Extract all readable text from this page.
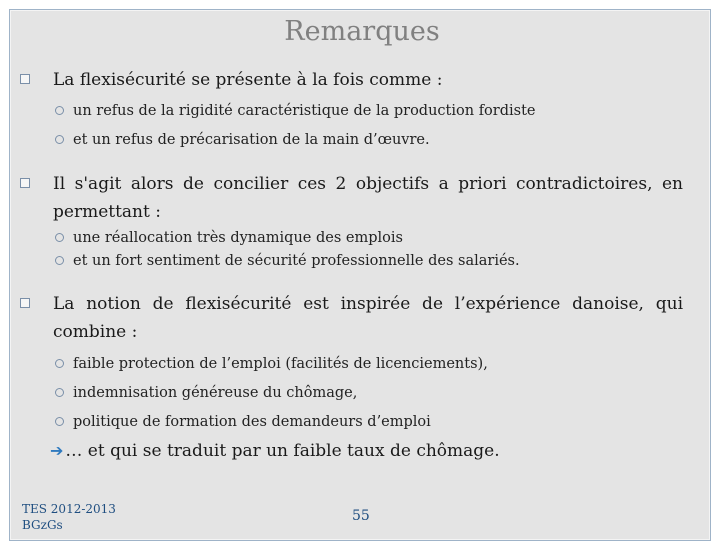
Remarques
La flexisécurité se présente à la fois comme :
un refus de la rigidité caractéristique de la production fordiste
et un refus de précarisation de la main d’œuvre.
Il s'agit alors de concilier ces 2 objectifs a priori contradictoires, en permettant :
une réallocation très dynamique des emplois
et un fort sentiment de sécurité professionnelle des salariés.
La notion de flexisécurité est inspirée de l’expérience danoise, qui combine :
faible protection de l’emploi (facilités de licenciements),
indemnisation généreuse du chômage,
politique de formation des demandeurs d’emploi
➔ … et qui se traduit par un faible taux de chômage.
TES 2012-2013
BGzGs
55
